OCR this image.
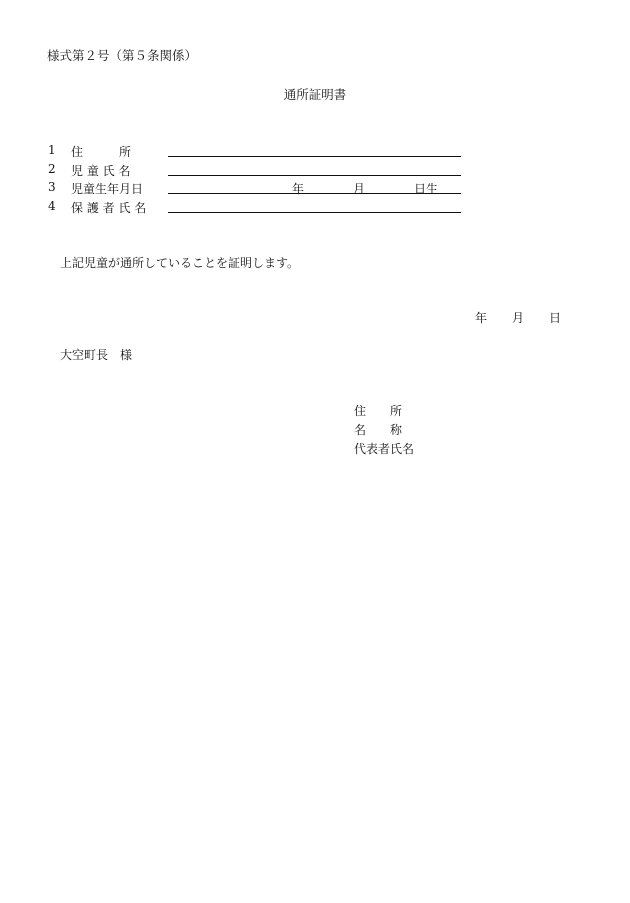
様式第２号（第５条関係）
通所証明書
1	住　　　所
2	児 童 氏 名
3	児童生年月日	年	月	日生
4	保 護 者 氏 名
上記児童が通所していることを証明します。
年 月 日
大空町長　様
住　　所
名　　称
代表者氏名
